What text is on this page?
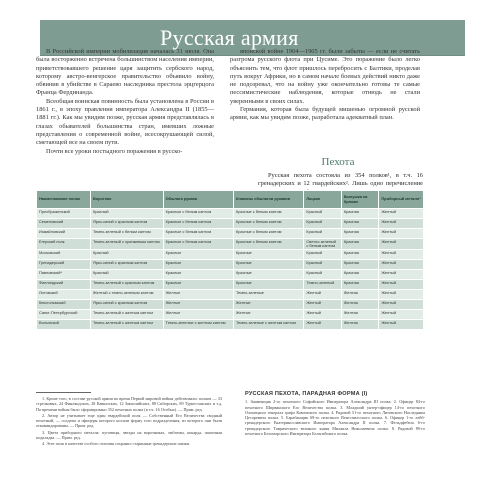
Русская армия

В Российской империи мобилизация началась 31 июля. Она была восторженно встречена большинством населения империи, приветствовавшего решение царя защитить сербского народ, которому австро-венгерское правительство объявило войну, обвинив в убийстве в Сараево наследника престола эрцгерцога Франца Фердинанда.

Всеобщая воинская повинность была установлена в России в 1861 г., в эпоху правления императора Александра II (1855—1881 гг.). Как мы увидим позже, русская армия представлялась в глазах обывателей большинства стран, имевших ложные представления о современной войне, всесокрушающей силой, сметающей все на своем пути.

Почти все уроки постыдного поражения в русско-

японской войне 1904—1905 гг. были забыты — если не считать разгрома русского флота при Цусиме. Это поражение было легко объяснить тем, что флот пришлось перебросить с Балтики, проделав путь вокруг Африки, но в самом начале боевых действий никто даже не подозревал, что на войну уже окончательно готовы те самые пессимистические наблюдения, которые отнюдь не стали уверенными в своих силах.

Германия, которая была будущей мишенью огромной русской армии, как мы увидим позже, разработала адекватный план.

Пехота

Русская пехота состояла из 354 полков¹, в т.ч. 16 гренадерских и 12 гвардейских². Лишь одно перечисление

Наименование полка	Воротник	Обшлага рукава	Клапаны обшлагов рукавов	Лацкан	Выпушка на брюках	Приборный металл³
Преображенский	Красный	Красные с белым кантом	Красные с белым кантом	Красный	Красная	Желтый
Семеновский	Ярко-синий с красным кантом	Красные с белым кантом	Красные с белым кантом	Красный	Красная	Желтый
Измайловский	Темно-зеленый с белым кантом	Красные с белым кантом	Красные с белым кантом	Красный	Красная	Желтый
Егерский полк	Темно-зеленый с оранжевым кантом	Красные с белым кантом	Красные с белым кантом	Светло-зеленый с белым кантом	Красная	Желтый
Московский	Красный	Красные	Красные	Красный	Красная	Желтый
Гренадерский	Ярко-синий с красным кантом	Красные	Красные	Красный	Красная	Желтый
Павловский⁴	Красный	Красные	Красные	Красный	Красная	Желтый
Финляндский	Темно-зеленый с красным кантом	Красные	Красные	Темно-зеленый	Красная	Желтый
Литовский	Желтый с темно-зеленым кантом	Желтые	Темно-зеленые	Желтый	Желтая	Желтый
Кексгольмский	Ярко-синий с красным кантом	Желтые	Желтые	Желтый	Желтая	Желтый
Санкт-Петербургский	Темно-зеленый с желтым кантом	Желтые	Желтые	Желтый	Желтая	Желтый
Волынский	Темно-зеленый с желтым кантом	Темно-зеленые с желтым кантом	Темно-зеленые с желтым кантом	Желтый	Желтая	Желтый

1. Кроме того, в составе русской армии во время Первой мировой войны действовали: полков — 33 стрелковых, 24 Финляндских, 28 Кавказских, 12 Закаспийских, 88 Сибирских, 89 Туркестанских и т.д. По времени войны было сформировано 352 пехотных полка (в т.ч. 16 Особых). — Прим. ред.

2. Автор не учитывает еще один гвардейский полк — Собственный Его Величества сводный пехотный, — солдаты и офицеры которого носили форму того подразделения, из которого они были откомандированы. — Прим. ред.

3. Цвета приборного металла: пуговицы, звезды на воротниках, эмблемы, кокарда, шапочная подкладка. — Прим. ред.

4. Этот полк в качестве особого отличия сохранил старинные гренадерские шапки.

РУССКАЯ ПЕХОТА, ПАРАДНАЯ ФОРМА (I)
1. Знаменщик 2-го пехотного Софийского Императора Александра III полка. 2. Офицер 84-го пехотного Ширванского Его Величества полка. 3. Младший унтер-офицер 14-го пехотного Олонецкого генерала графа Каменского полка. 4. Рядовой 51-го пехотного Литовского Наследника Цесаревича полка. 5. Барабанщик 69-го пехотного Вентспилсского полка. 6. Офицер 1-го лейб-гренадерского Екатеринославского Императора Александра II полка. 7. Фельдфебель 6-го гренадерского Таврического великого князя Михаила Николаевича полка. 8. Рядовой 89-го пехотного Беломорского Императора Бельгийского полка.
